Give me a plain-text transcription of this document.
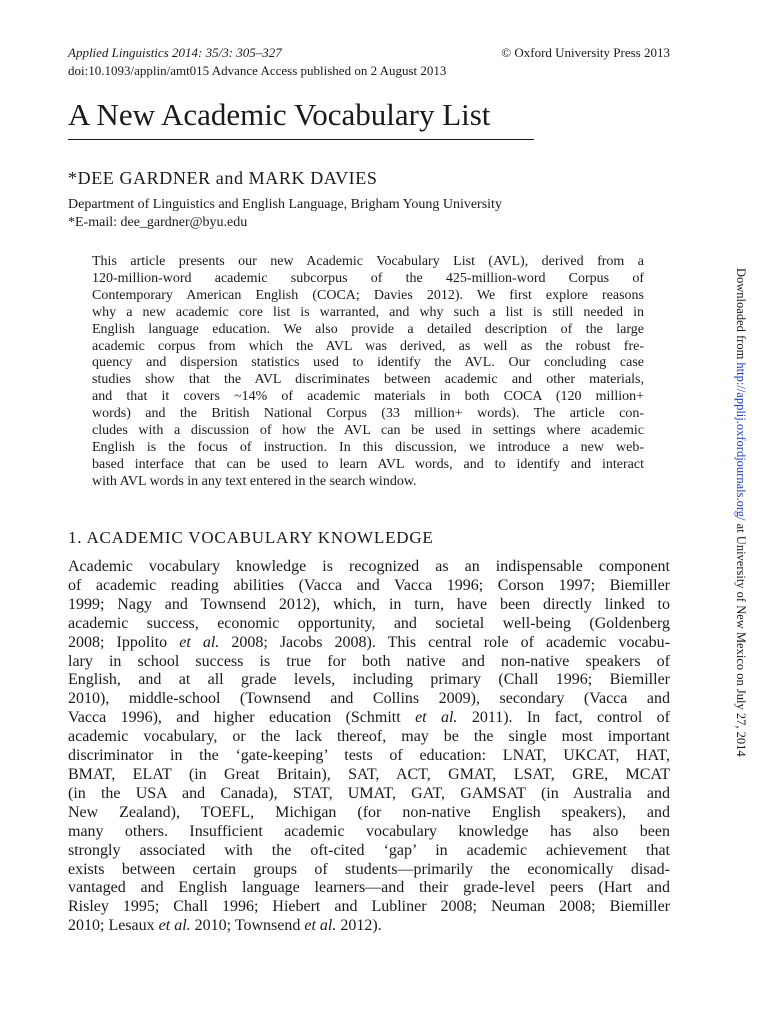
Applied Linguistics 2014: 35/3: 305–327	© Oxford University Press 2013
doi:10.1093/applin/amt015 Advance Access published on 2 August 2013
A New Academic Vocabulary List
*DEE GARDNER and MARK DAVIES
Department of Linguistics and English Language, Brigham Young University
*E-mail: dee_gardner@byu.edu
This article presents our new Academic Vocabulary List (AVL), derived from a
120-million-word academic subcorpus of the 425-million-word Corpus of
Contemporary American English (COCA; Davies 2012). We first explore reasons
why a new academic core list is warranted, and why such a list is still needed in
English language education. We also provide a detailed description of the large
academic corpus from which the AVL was derived, as well as the robust fre-
quency and dispersion statistics used to identify the AVL. Our concluding case
studies show that the AVL discriminates between academic and other materials,
and that it covers ~14% of academic materials in both COCA (120 million+
words) and the British National Corpus (33 million+ words). The article con-
cludes with a discussion of how the AVL can be used in settings where academic
English is the focus of instruction. In this discussion, we introduce a new web-
based interface that can be used to learn AVL words, and to identify and interact
with AVL words in any text entered in the search window.
1. ACADEMIC VOCABULARY KNOWLEDGE
Academic vocabulary knowledge is recognized as an indispensable component
of academic reading abilities (Vacca and Vacca 1996; Corson 1997; Biemiller
1999; Nagy and Townsend 2012), which, in turn, have been directly linked to
academic success, economic opportunity, and societal well-being (Goldenberg
2008; Ippolito et al. 2008; Jacobs 2008). This central role of academic vocabu-
lary in school success is true for both native and non-native speakers of
English, and at all grade levels, including primary (Chall 1996; Biemiller
2010), middle-school (Townsend and Collins 2009), secondary (Vacca and
Vacca 1996), and higher education (Schmitt et al. 2011). In fact, control of
academic vocabulary, or the lack thereof, may be the single most important
discriminator in the ‘gate-keeping’ tests of education: LNAT, UKCAT, HAT,
BMAT, ELAT (in Great Britain), SAT, ACT, GMAT, LSAT, GRE, MCAT
(in the USA and Canada), STAT, UMAT, GAT, GAMSAT (in Australia and
New Zealand), TOEFL, Michigan (for non-native English speakers), and
many others. Insufficient academic vocabulary knowledge has also been
strongly associated with the oft-cited ‘gap’ in academic achievement that
exists between certain groups of students—primarily the economically disad-
vantaged and English language learners—and their grade-level peers (Hart and
Risley 1995; Chall 1996; Hiebert and Lubliner 2008; Neuman 2008; Biemiller
2010; Lesaux et al. 2010; Townsend et al. 2012).
Downloaded from http://applij.oxfordjournals.org/ at University of New Mexico on July 27, 2014
